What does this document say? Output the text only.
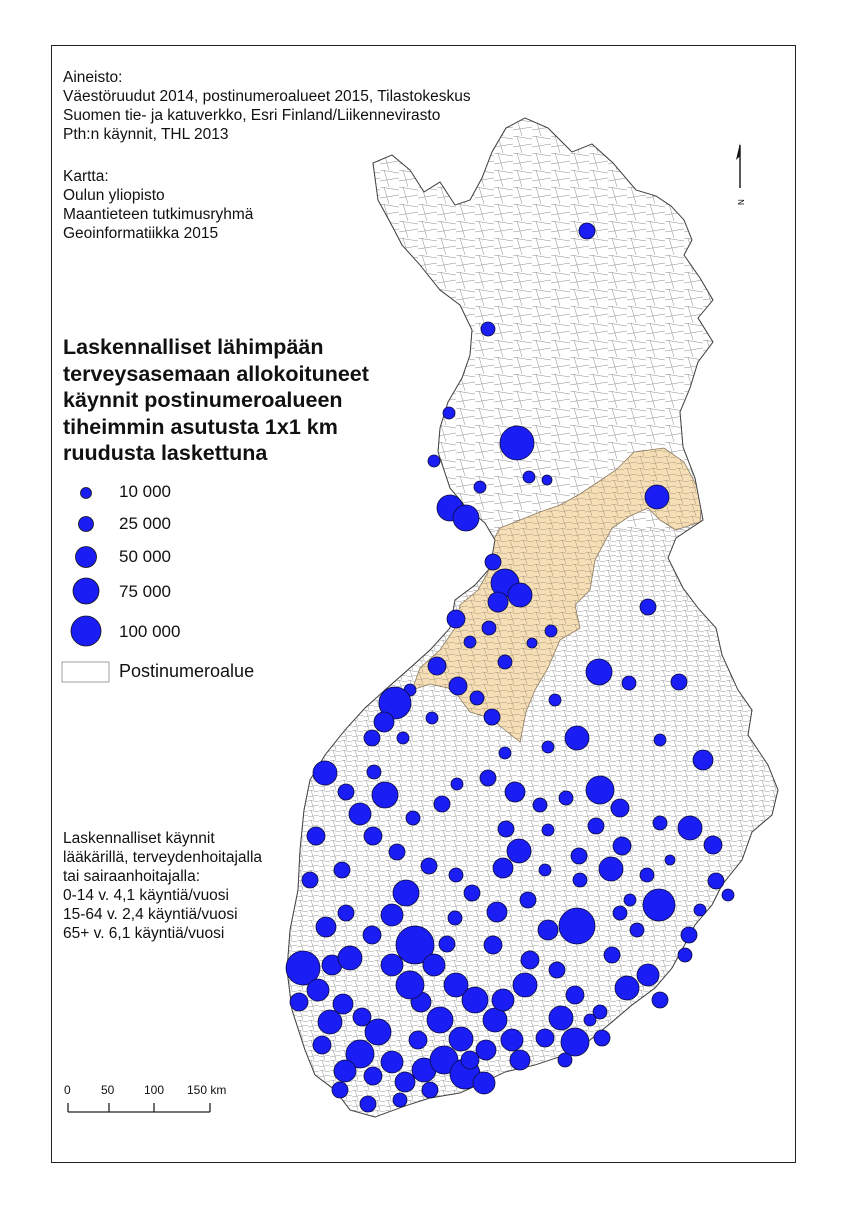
Aineisto:
Väestöruudut 2014, postinumeroalueet 2015, Tilastokeskus
Suomen tie- ja katuverkko, Esri Finland/Liikennevirasto
Pth:n käynnit, THL 2013
Kartta:
Oulun yliopisto
Maantieteen tutkimusryhmä
Geoinformatiikka 2015
Laskennalliset lähimpään
terveysasemaan allokoituneet
käynnit postinumeroalueen
tiheimmin asutusta 1x1 km
ruudusta laskettuna
10 000
25 000
50 000
75 000
100 000
Postinumeroalue
Laskennalliset käynnit
lääkärillä, terveydenhoitajalla
tai sairaanhoitajalla:
0-14 v. 4,1 käyntiä/vuosi
15-64 v. 2,4 käyntiä/vuosi
65+ v. 6,1 käyntiä/vuosi
0	50 100 150 km
N
